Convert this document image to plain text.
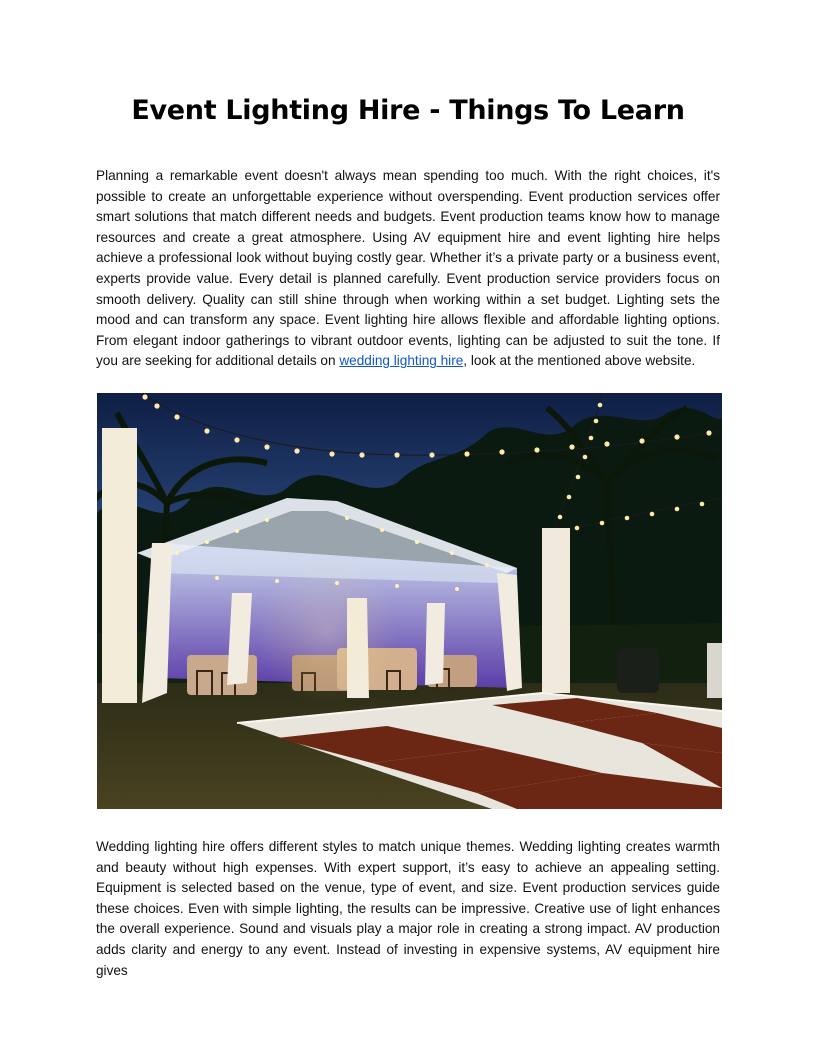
Event Lighting Hire - Things To Learn

Planning a remarkable event doesn't always mean spending too much. With the right choices, it's possible to create an unforgettable experience without overspending. Event production services offer smart solutions that match different needs and budgets. Event production teams know how to manage resources and create a great atmosphere. Using AV equipment hire and event lighting hire helps achieve a professional look without buying costly gear. Whether it’s a private party or a business event, experts provide value. Every detail is planned carefully. Event production service providers focus on smooth delivery. Quality can still shine through when working within a set budget. Lighting sets the mood and can transform any space. Event lighting hire allows flexible and affordable lighting options. From elegant indoor gatherings to vibrant outdoor events, lighting can be adjusted to suit the tone. If you are seeking for additional details on wedding lighting hire, look at the mentioned above website.

Wedding lighting hire offers different styles to match unique themes. Wedding lighting creates warmth and beauty without high expenses. With expert support, it’s easy to achieve an appealing setting. Equipment is selected based on the venue, type of event, and size. Event production services guide these choices. Even with simple lighting, the results can be impressive. Creative use of light enhances the overall experience. Sound and visuals play a major role in creating a strong impact. AV production adds clarity and energy to any event. Instead of investing in expensive systems, AV equipment hire gives
